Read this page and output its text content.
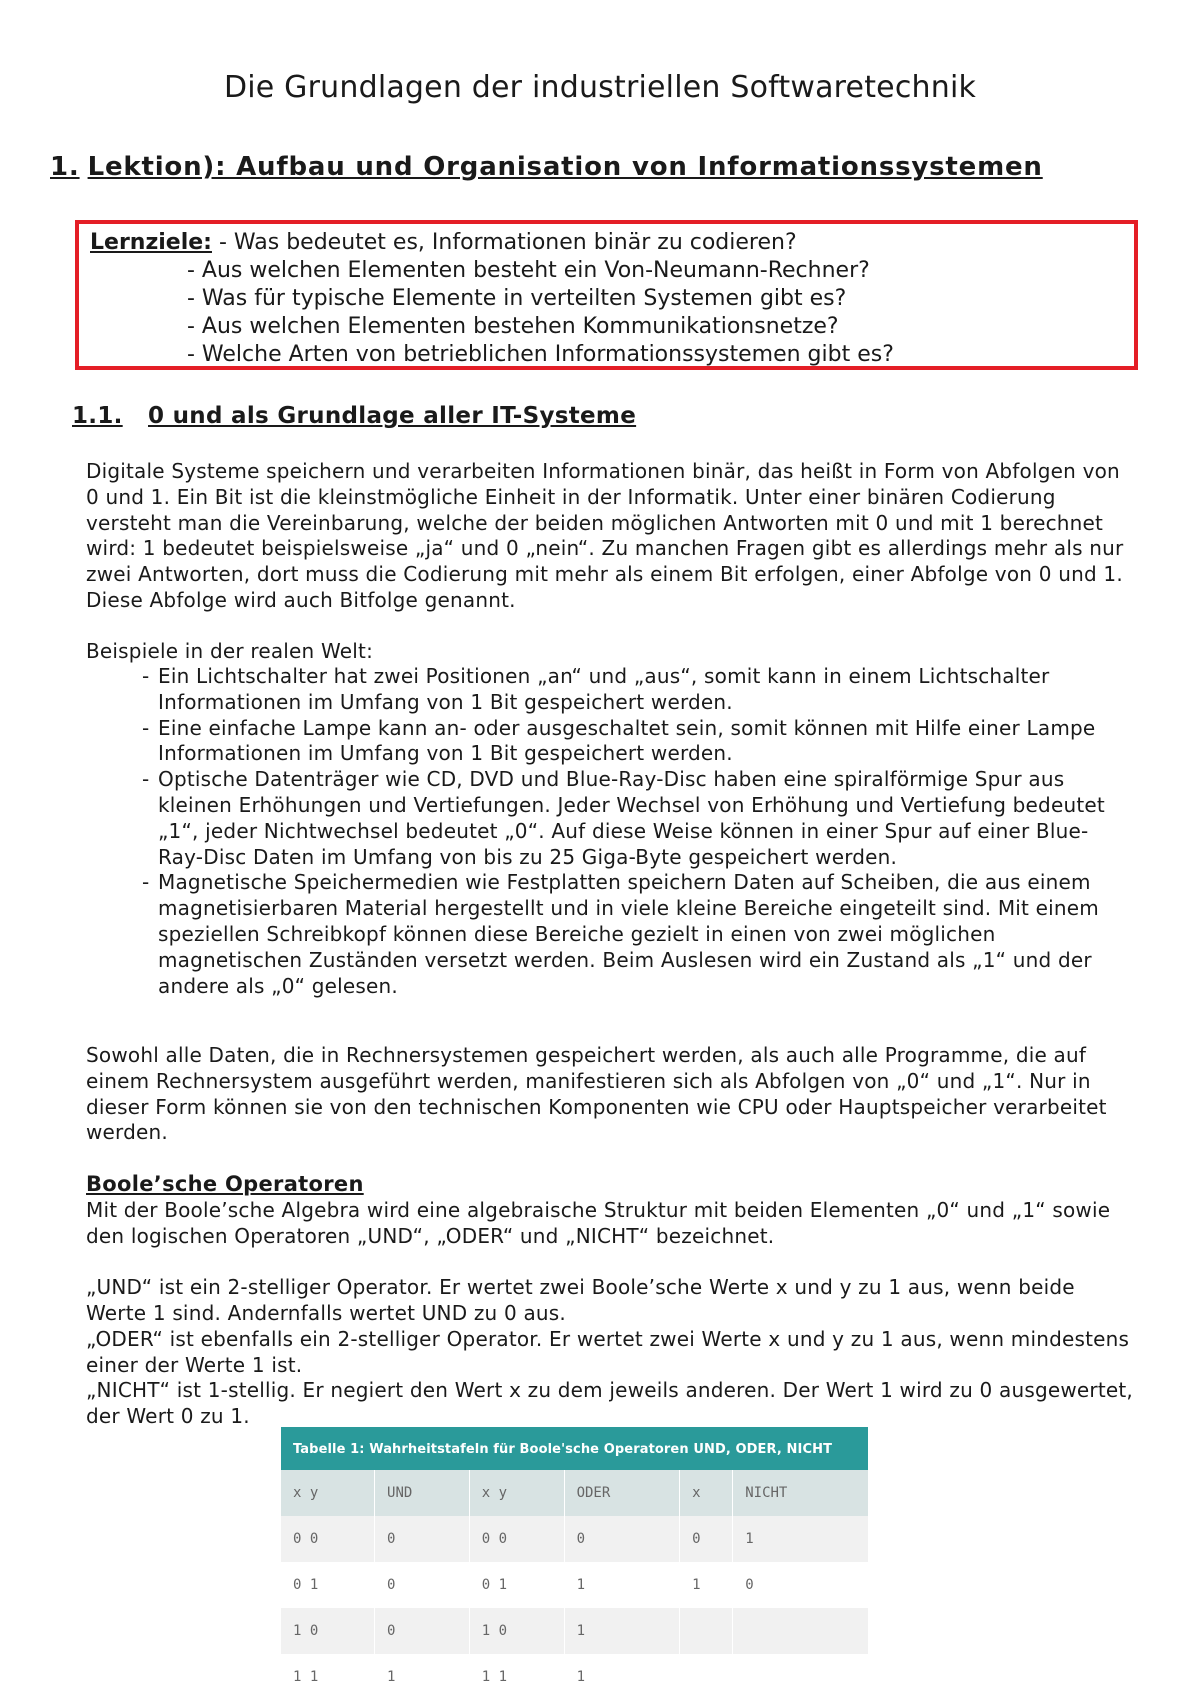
Die Grundlagen der industriellen Softwaretechnik
1. Lektion): Aufbau und Organisation von Informationssystemen
Lernziele: - Was bedeutet es, Informationen binär zu codieren?
- Aus welchen Elementen besteht ein Von-Neumann-Rechner?
- Was für typische Elemente in verteilten Systemen gibt es?
- Aus welchen Elementen bestehen Kommunikationsnetze?
- Welche Arten von betrieblichen Informationssystemen gibt es?
1.1. 0 und als Grundlage aller IT-Systeme

Digitale Systeme speichern und verarbeiten Informationen binär, das heißt in Form von Abfolgen von 0 und 1. Ein Bit ist die kleinstmögliche Einheit in der Informatik. Unter einer binären Codierung versteht man die Vereinbarung, welche der beiden möglichen Antworten mit 0 und mit 1 berechnet wird: 1 bedeutet beispielsweise „ja“ und 0 „nein“. Zu manchen Fragen gibt es allerdings mehr als nur zwei Antworten, dort muss die Codierung mit mehr als einem Bit erfolgen, einer Abfolge von 0 und 1. Diese Abfolge wird auch Bitfolge genannt.

Beispiele in der realen Welt:

- Ein Lichtschalter hat zwei Positionen „an“ und „aus“, somit kann in einem Lichtschalter Informationen im Umfang von 1 Bit gespeichert werden.
- Eine einfache Lampe kann an- oder ausgeschaltet sein, somit können mit Hilfe einer Lampe Informationen im Umfang von 1 Bit gespeichert werden.
- Optische Datenträger wie CD, DVD und Blue-Ray-Disc haben eine spiralförmige Spur aus kleinen Erhöhungen und Vertiefungen. Jeder Wechsel von Erhöhung und Vertiefung bedeutet „1“, jeder Nichtwechsel bedeutet „0“. Auf diese Weise können in einer Spur auf einer Blue-Ray-Disc Daten im Umfang von bis zu 25 Giga-Byte gespeichert werden.
- Magnetische Speichermedien wie Festplatten speichern Daten auf Scheiben, die aus einem magnetisierbaren Material hergestellt und in viele kleine Bereiche eingeteilt sind. Mit einem speziellen Schreibkopf können diese Bereiche gezielt in einen von zwei möglichen magnetischen Zuständen versetzt werden. Beim Auslesen wird ein Zustand als „1“ und der andere als „0“ gelesen.

Sowohl alle Daten, die in Rechnersystemen gespeichert werden, als auch alle Programme, die auf einem Rechnersystem ausgeführt werden, manifestieren sich als Abfolgen von „0“ und „1“. Nur in dieser Form können sie von den technischen Komponenten wie CPU oder Hauptspeicher verarbeitet werden.

Boole’sche Operatoren

Mit der Boole’sche Algebra wird eine algebraische Struktur mit beiden Elementen „0“ und „1“ sowie den logischen Operatoren „UND“, „ODER“ und „NICHT“ bezeichnet.

„UND“ ist ein 2-stelliger Operator. Er wertet zwei Boole’sche Werte x und y zu 1 aus, wenn beide Werte 1 sind. Andernfalls wertet UND zu 0 aus.

„ODER“ ist ebenfalls ein 2-stelliger Operator. Er wertet zwei Werte x und y zu 1 aus, wenn mindestens einer der Werte 1 ist.

„NICHT“ ist 1-stellig. Er negiert den Wert x zu dem jeweils anderen. Der Wert 1 wird zu 0 ausgewertet, der Wert 0 zu 1.

Tabelle 1: Wahrheitstafeln für Boole'sche Operatoren UND, ODER, NICHT
x y	UND	x y	ODER	x	NICHT
0 0	0	0 0	0	0	1
0 1	0	0 1	1	1	0
1 0	0	1 0	1		
1 1	1	1 1	1		
